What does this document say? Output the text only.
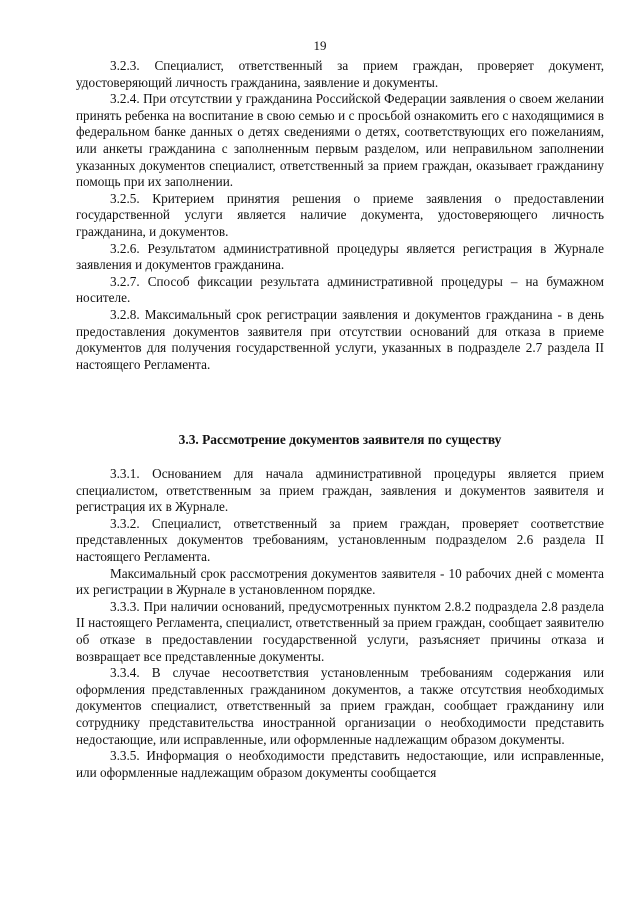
19

3.2.3. Специалист, ответственный за прием граждан, проверяет документ, удостоверяющий личность гражданина, заявление и документы.

3.2.4. При отсутствии у гражданина Российской Федерации заявления о своем желании принять ребенка на воспитание в свою семью и с просьбой ознакомить его с находящимися в федеральном банке данных о детях сведениями о детях, соответствующих его пожеланиям, или анкеты гражданина с заполненным первым разделом, или неправильном заполнении указанных документов специалист, ответственный за прием граждан, оказывает гражданину помощь при их заполнении.

3.2.5. Критерием принятия решения о приеме заявления о предоставлении государственной услуги является наличие документа, удостоверяющего личность гражданина, и документов.

3.2.6. Результатом административной процедуры является регистрация в Журнале заявления и документов гражданина.

3.2.7. Способ фиксации результата административной процедуры – на бумажном носителе.

3.2.8. Максимальный срок регистрации заявления и документов гражданина - в день предоставления документов заявителя при отсутствии оснований для отказа в приеме документов для получения государственной услуги, указанных в подразделе 2.7 раздела II настоящего Регламента.

3.3. Рассмотрение документов заявителя по существу

3.3.1. Основанием для начала административной процедуры является прием специалистом, ответственным за прием граждан, заявления и документов заявителя и регистрация их в Журнале.

3.3.2. Специалист, ответственный за прием граждан, проверяет соответствие представленных документов требованиям, установленным подразделом 2.6 раздела II настоящего Регламента.

Максимальный срок рассмотрения документов заявителя - 10 рабочих дней с момента их регистрации в Журнале в установленном порядке.

3.3.3. При наличии оснований, предусмотренных пунктом 2.8.2 подраздела 2.8 раздела II настоящего Регламента, специалист, ответственный за прием граждан, сообщает заявителю об отказе в предоставлении государственной услуги, разъясняет причины отказа и возвращает все представленные документы.

3.3.4. В случае несоответствия установленным требованиям содержания или оформления представленных гражданином документов, а также отсутствия необходимых документов специалист, ответственный за прием граждан, сообщает гражданину или сотруднику представительства иностранной организации о необходимости представить недостающие, или исправленные, или оформленные надлежащим образом документы.

3.3.5. Информация о необходимости представить недостающие, или исправленные, или оформленные надлежащим образом документы сообщается
